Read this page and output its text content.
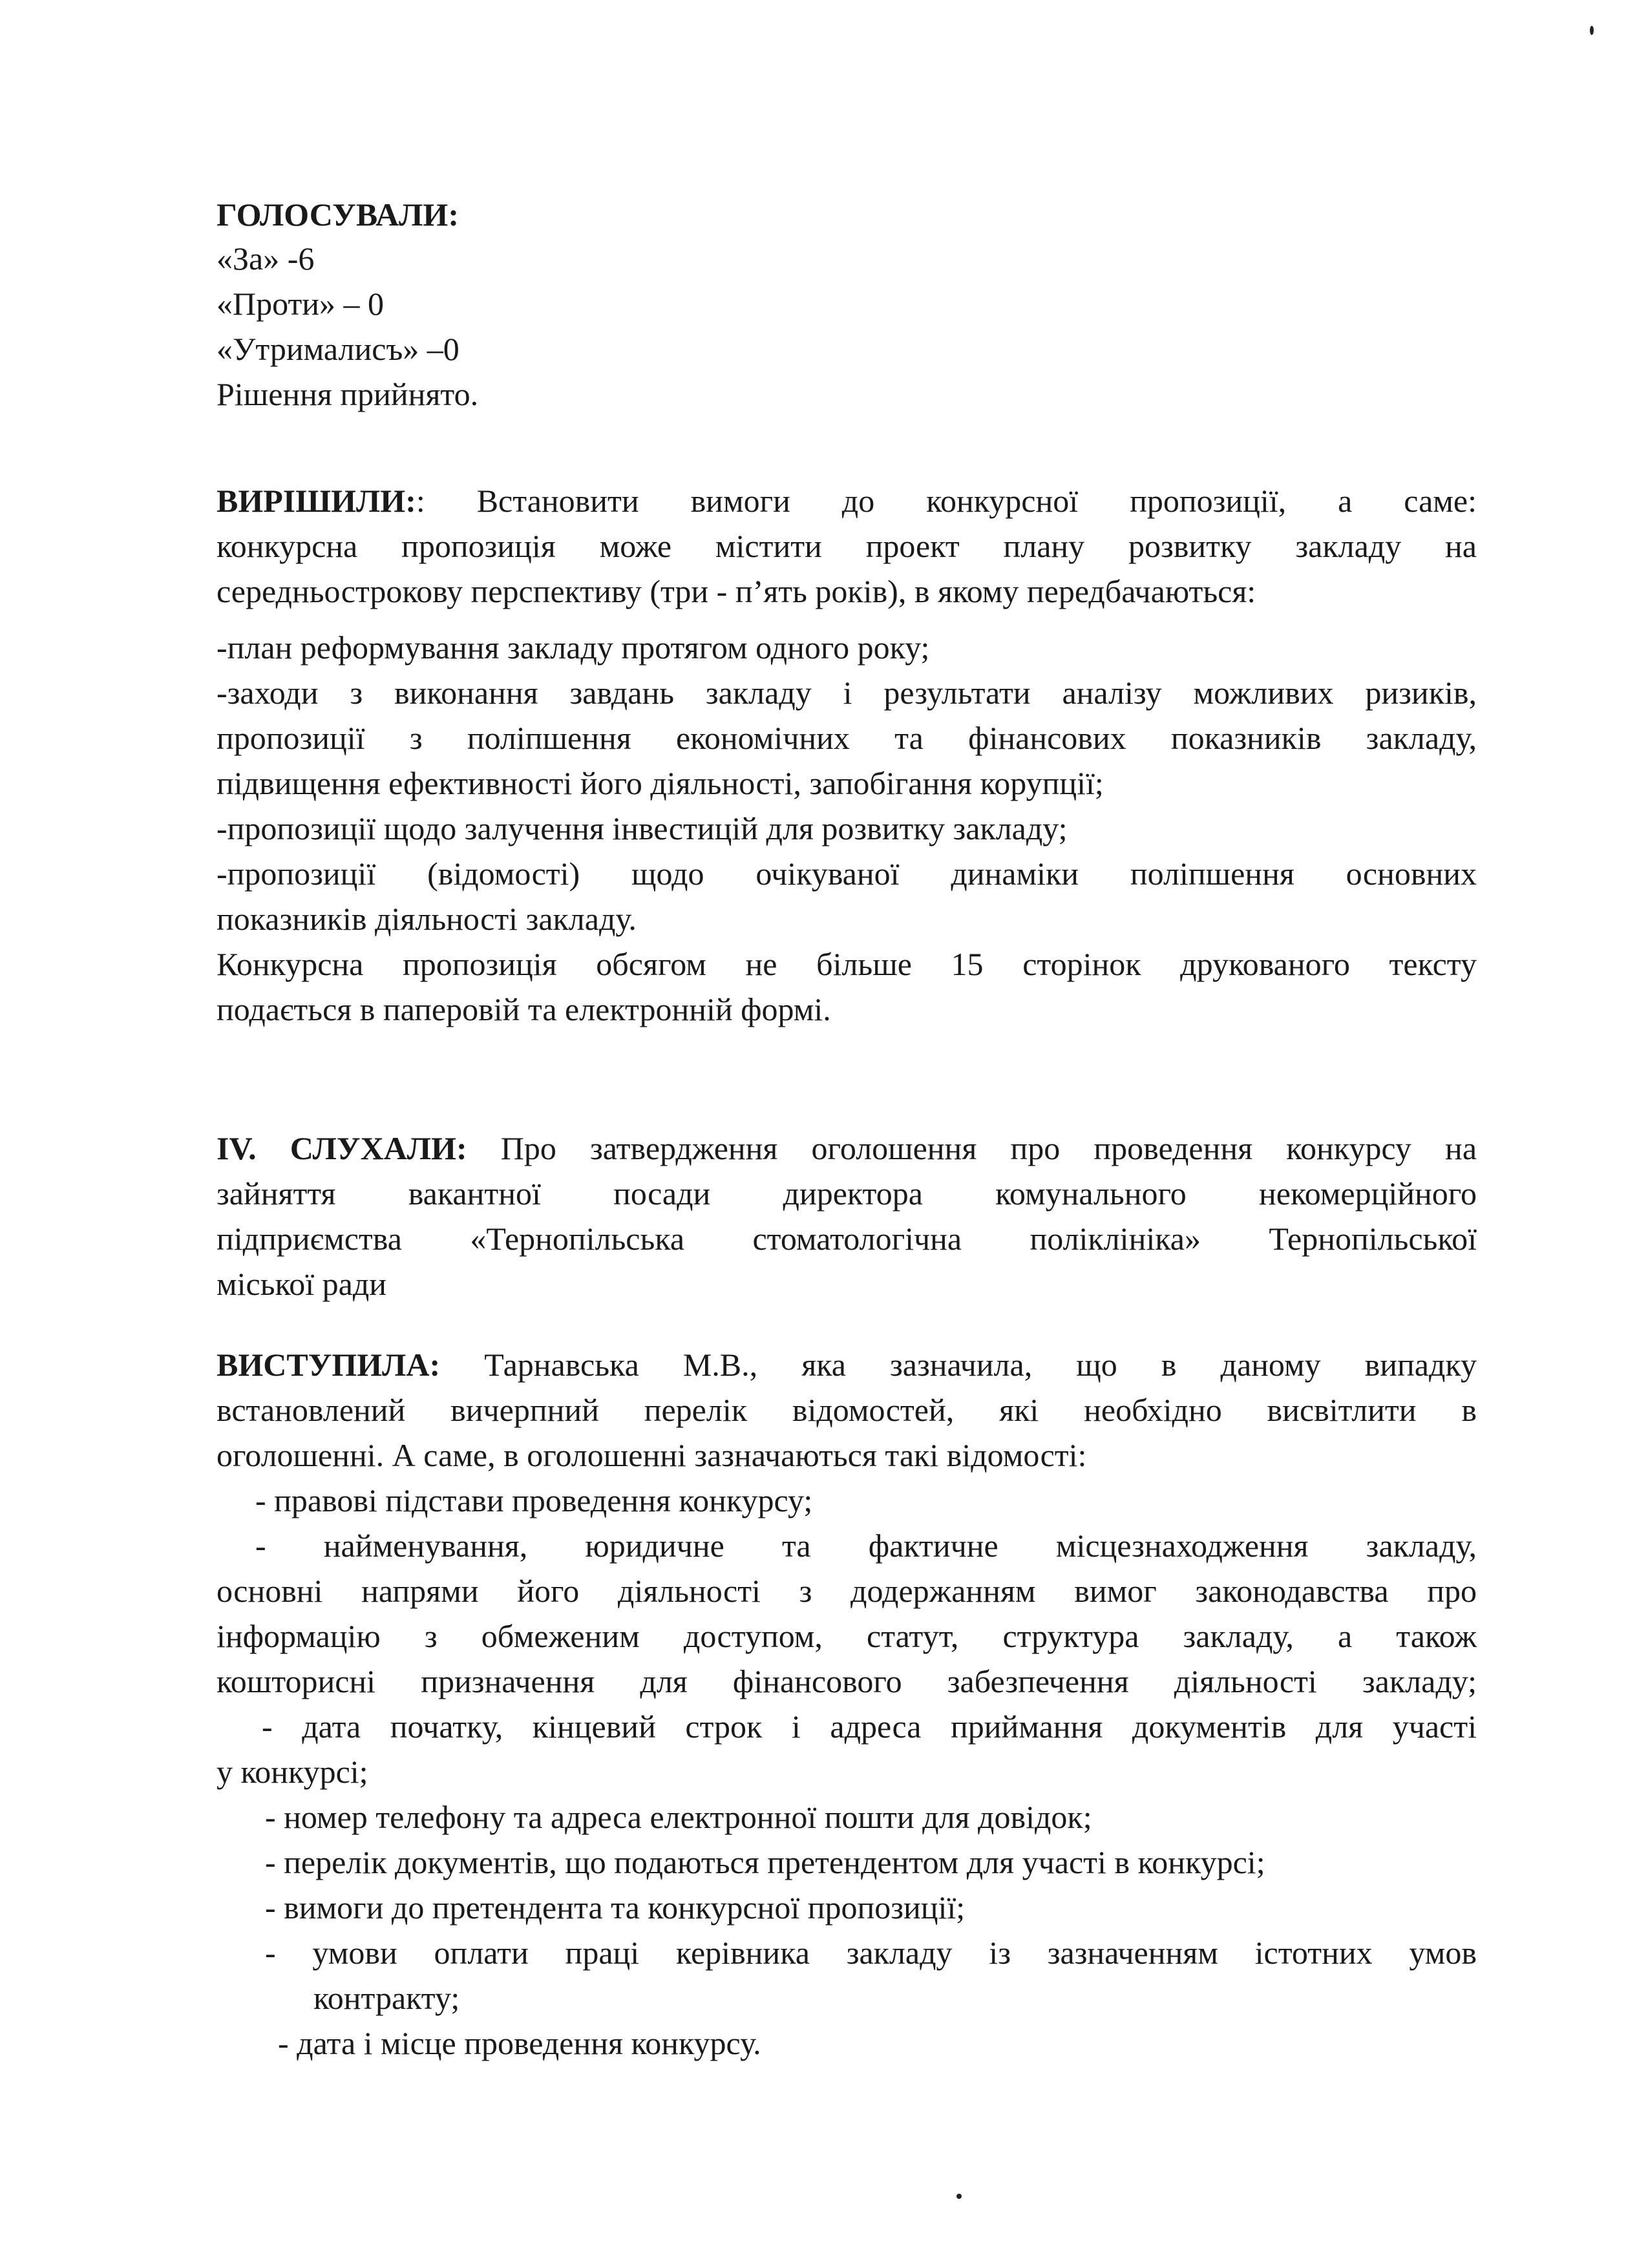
ГОЛОСУВАЛИ:
«За» -6
«Проти» – 0
«Утрималисъ» –0
Рішення прийнято.
ВИРІШИЛИ:: Встановити вимоги до конкурсної пропозиції, а саме:
конкурсна пропозиція може містити проект плану розвитку закладу на
середньострокову перспективу (три - п’ять років), в якому передбачаються:
-план реформування закладу протягом одного року;
-заходи з виконання завдань закладу і результати аналізу можливих ризиків,
пропозиції з поліпшення економічних та фінансових показників закладу,
підвищення ефективності його діяльності, запобігання корупції;
-пропозиції щодо залучення інвестицій для розвитку закладу;
-пропозиції (відомості) щодо очікуваної динаміки поліпшення основних
показників діяльності закладу.
Конкурсна пропозиція обсягом не більше 15 сторінок друкованого тексту
подається в паперовій та електронній формі.
IV. СЛУХАЛИ: Про затвердження оголошення про проведення конкурсу на
зайняття вакантної посади директора комунального некомерційного
підприємства «Тернопільська стоматологічна поліклініка» Тернопільської
міської ради
ВИСТУПИЛА: Тарнавська М.В., яка зазначила, що в даному випадку
встановлений вичерпний перелік відомостей, які необхідно висвітлити в
оголошенні. А саме, в оголошенні зазначаються такі відомості:
- правові підстави проведення конкурсу;
- найменування, юридичне та фактичне місцезнаходження закладу,
основні напрями його діяльності з додержанням вимог законодавства про
інформацію з обмеженим доступом, статут, структура закладу, а також
кошторисні призначення для фінансового забезпечення діяльності закладу;
- дата початку, кінцевий строк і адреса приймання документів для участі
у конкурсі;
- номер телефону та адреса електронної пошти для довідок;
- перелік документів, що подаються претендентом для участі в конкурсі;
- вимоги до претендента та конкурсної пропозиції;
- умови оплати праці керівника закладу із зазначенням істотних умов
контракту;
- дата і місце проведення конкурсу.
